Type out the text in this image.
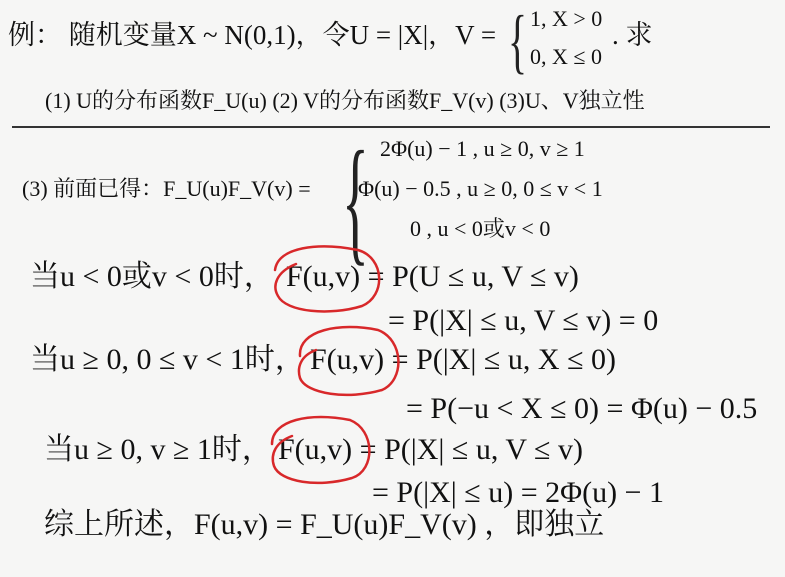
例： 随机变量X ~ N(0,1)，令U = |X|，V = { 1, X > 0
0, X ≤ 0
. 求
(1) U的分布函数F_U(u) (2) V的分布函数F_V(v) (3)U、V独立性
(3) 前面已得：F_U(u)F_V(v) = { 2Φ(u) − 1 , u ≥ 0, v ≥ 1
Φ(u) − 0.5 , u ≥ 0, 0 ≤ v < 1
0 , u < 0或v < 0
当u < 0或v < 0时， F(u,v) = P(U ≤ u, V ≤ v)
= P(|X| ≤ u, V ≤ v) = 0
当u ≥ 0, 0 ≤ v < 1时， F(u,v) = P(|X| ≤ u, X ≤ 0)
= P(−u < X ≤ 0) = Φ(u) − 0.5
当u ≥ 0, v ≥ 1时， F(u,v) = P(|X| ≤ u, V ≤ v)
= P(|X| ≤ u) = 2Φ(u) − 1
综上所述，F(u,v) = F_U(u)F_V(v) ，即独立
